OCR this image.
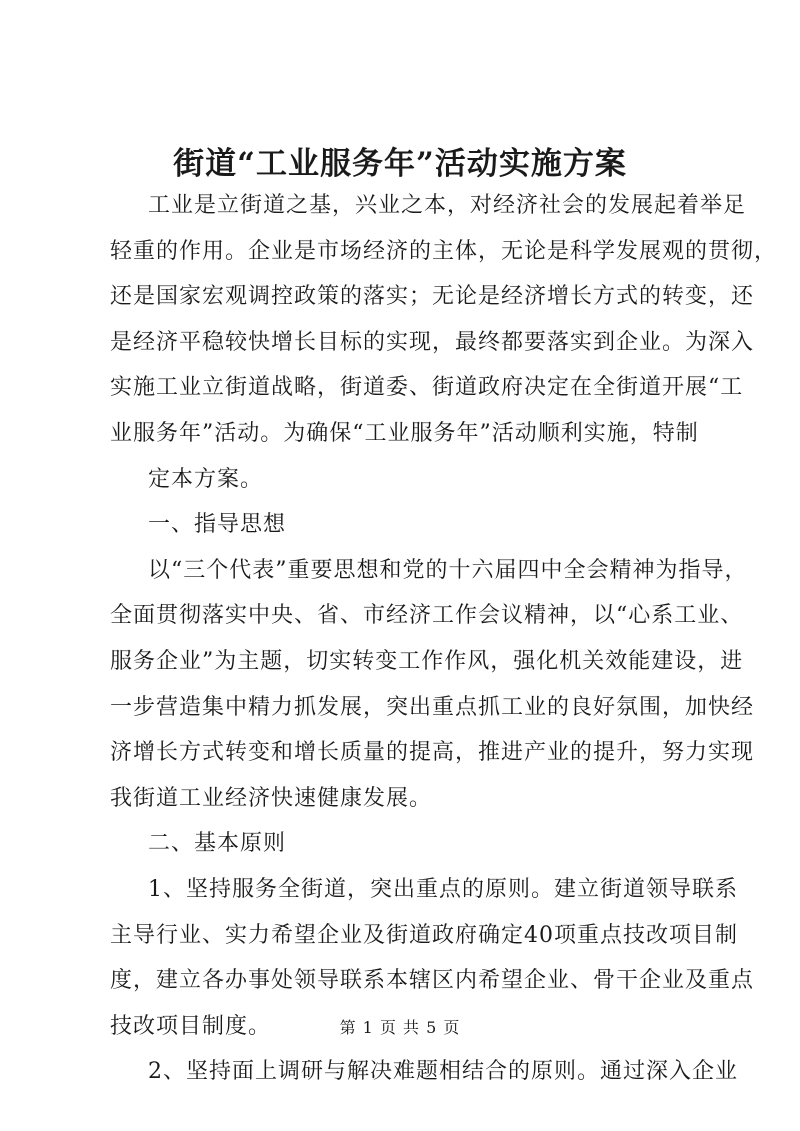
街道“工业服务年”活动实施方案
工业是立街道之基，兴业之本，对经济社会的发展起着举足
轻重的作用。企业是市场经济的主体，无论是科学发展观的贯彻，
还是国家宏观调控政策的落实；无论是经济增长方式的转变，还
是经济平稳较快增长目标的实现，最终都要落实到企业。为深入
实施工业立街道战略，街道委、街道政府决定在全街道开展“工
业服务年”活动。为确保“工业服务年”活动顺利实施，特制
定本方案。
一、指导思想
以“三个代表”重要思想和党的十六届四中全会精神为指导，
全面贯彻落实中央、省、市经济工作会议精神，以“心系工业、
服务企业”为主题，切实转变工作作风，强化机关效能建设，进
一步营造集中精力抓发展，突出重点抓工业的良好氛围，加快经
济增长方式转变和增长质量的提高，推进产业的提升，努力实现
我街道工业经济快速健康发展。
二、基本原则
1、坚持服务全街道，突出重点的原则。建立街道领导联系
主导行业、实力希望企业及街道政府确定40项重点技改项目制
度，建立各办事处领导联系本辖区内希望企业、骨干企业及重点
技改项目制度。
2、坚持面上调研与解决难题相结合的原则。通过深入企业
第 1 页 共 5 页
